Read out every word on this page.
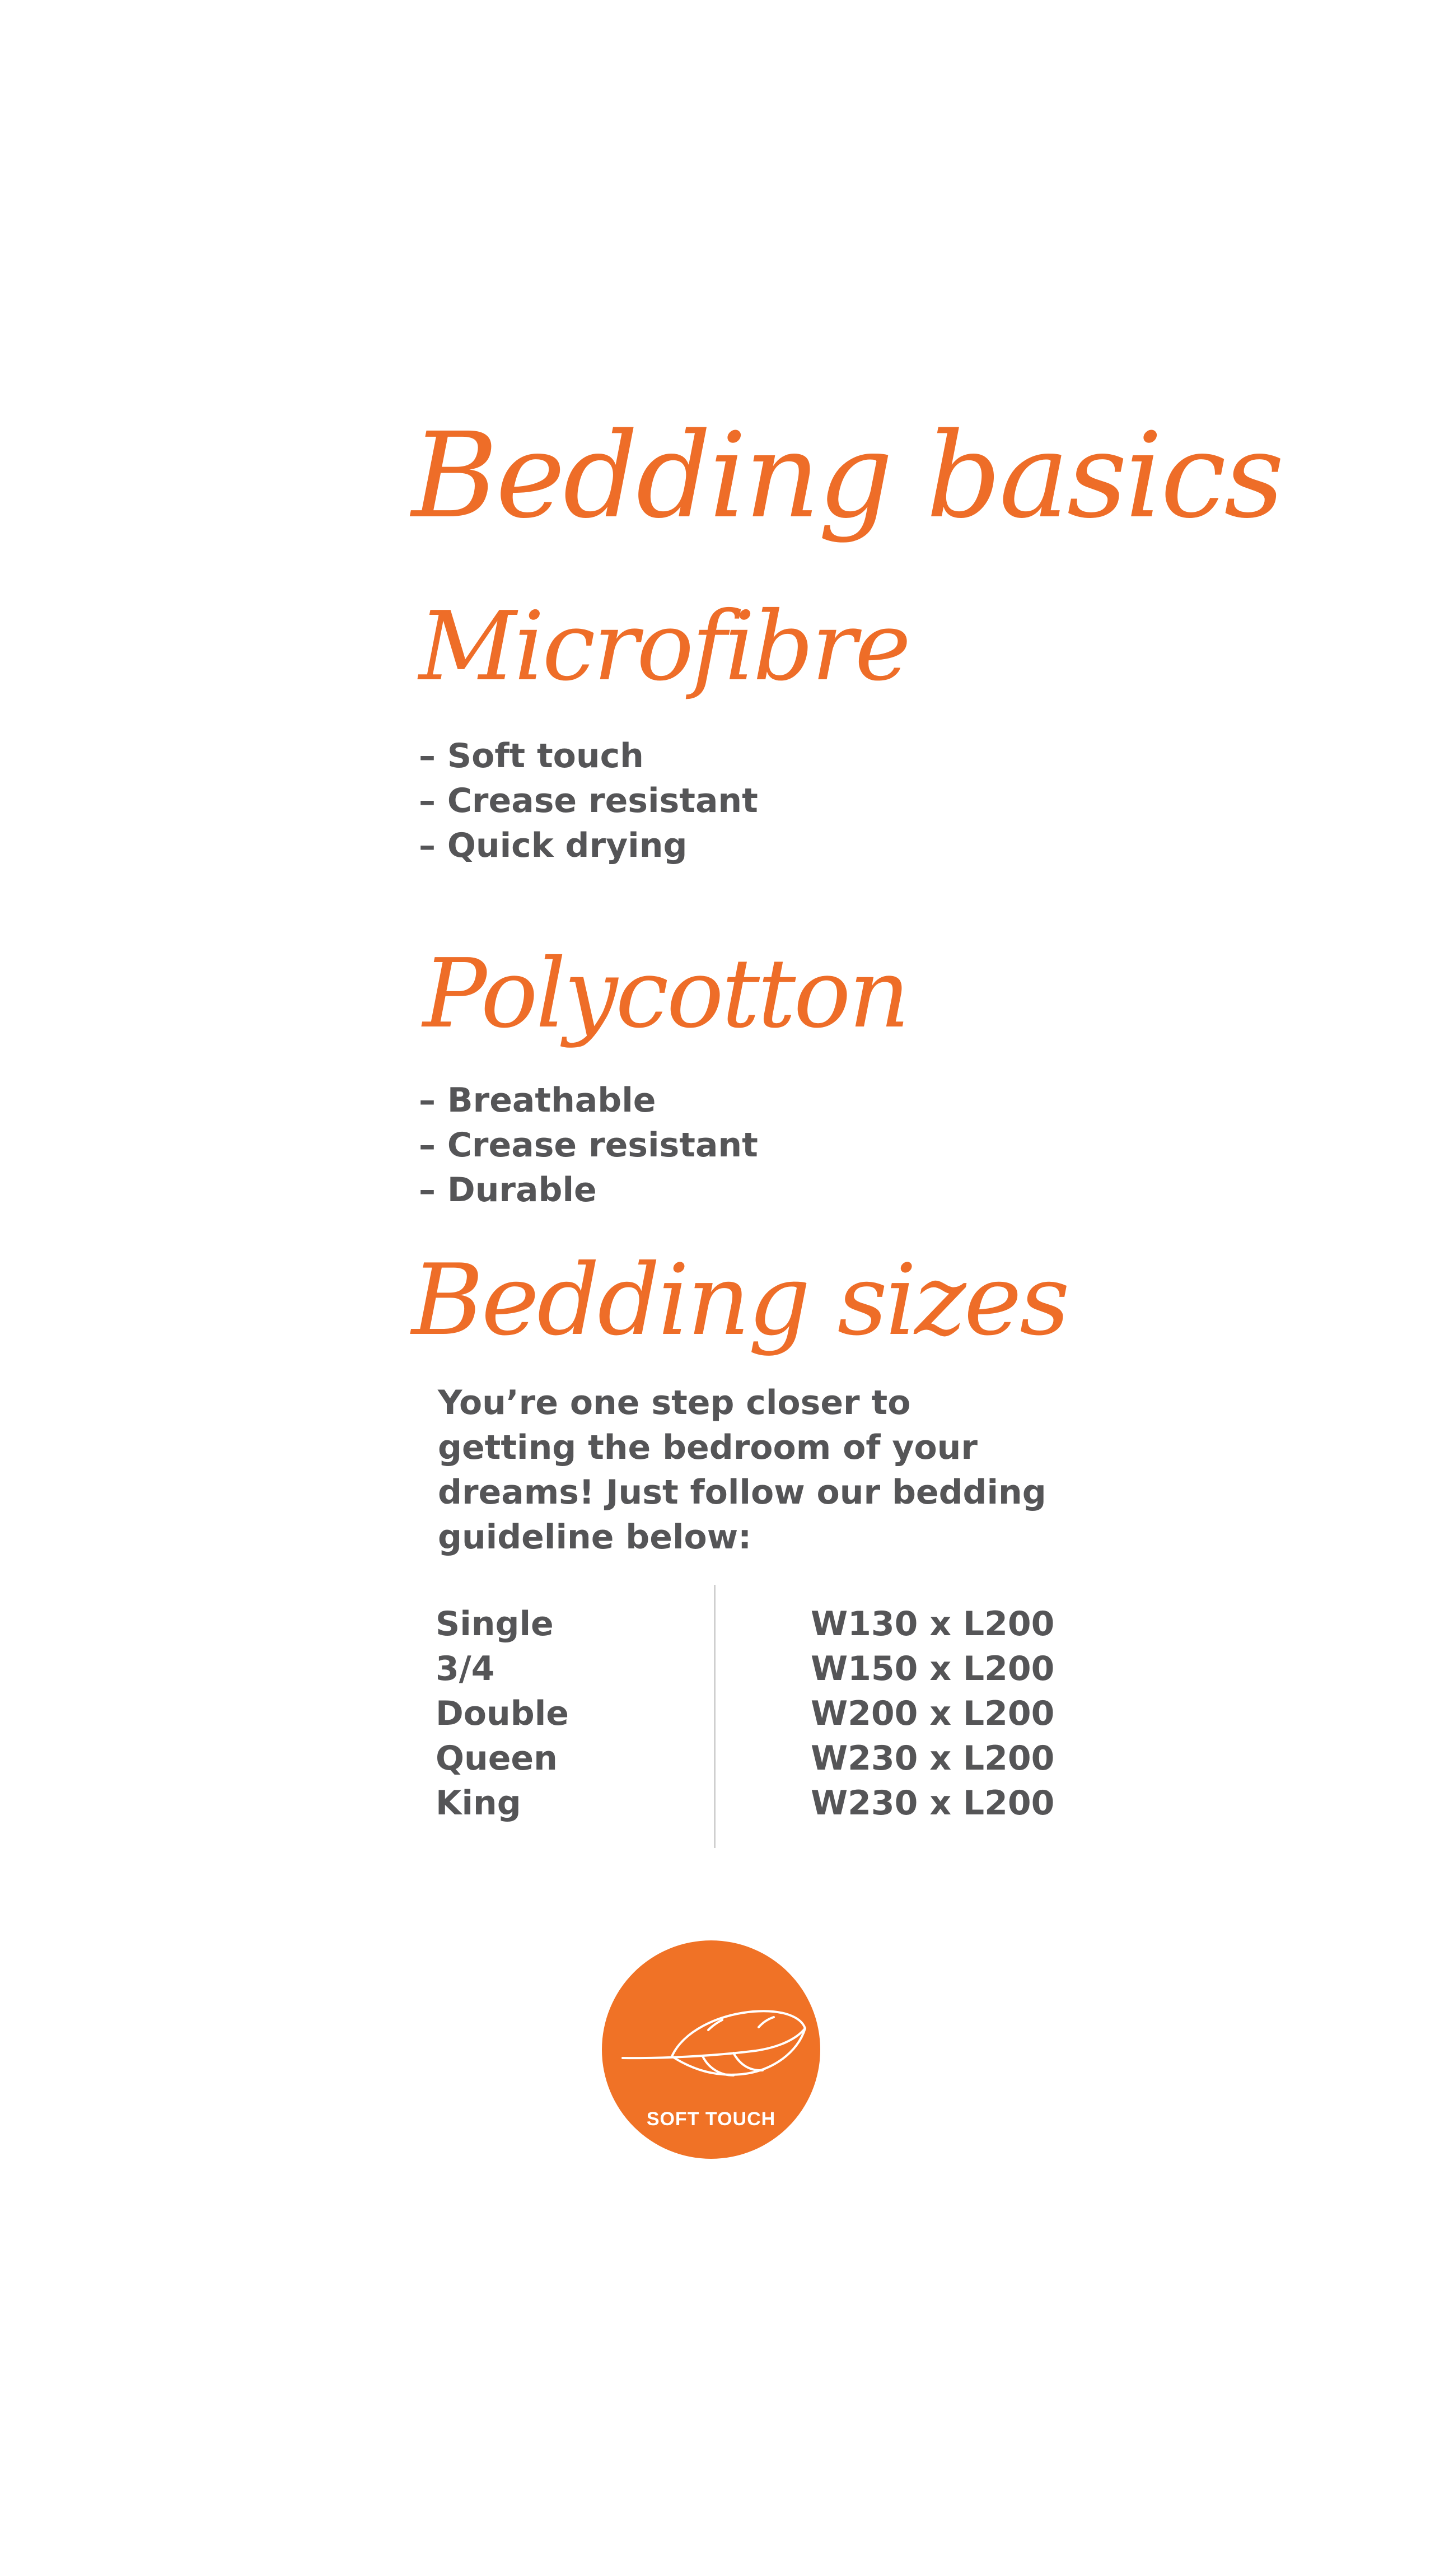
Bedding basics
Microfibre
– Soft touch
– Crease resistant
– Quick drying
Polycotton
– Breathable
– Crease resistant
– Durable
Bedding sizes

You’re one step closer to getting the bedroom of your dreams! Just follow our bedding guideline below:

Single
3/4
Double
Queen
King
W130 x L200
W150 x L200
W200 x L200
W230 x L200
W230 x L200
SOFT TOUCH
